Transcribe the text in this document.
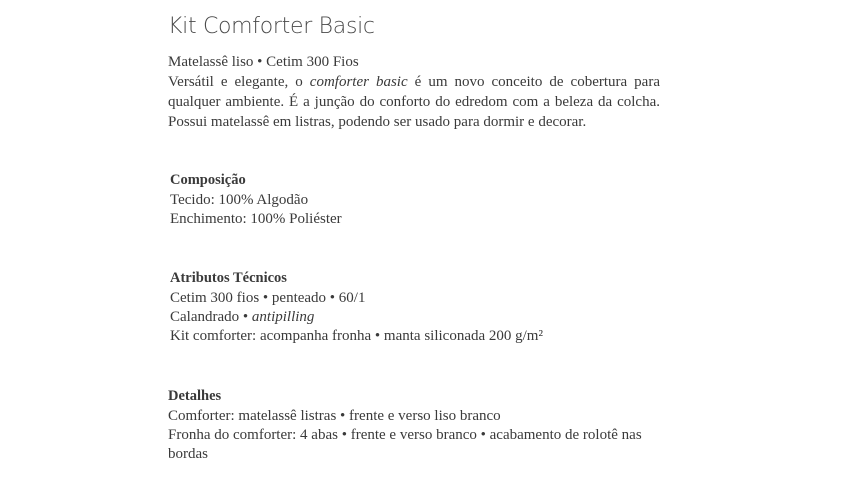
Kit Comforter Basic
Matelassê liso • Cetim 300 Fios
Versátil e elegante, o comforter basic é um novo conceito de cobertura para qualquer ambiente. É a junção do conforto do edredom com a beleza da colcha. Possui matelassê em listras, podendo ser usado para dormir e decorar.
Composição
Tecido: 100% Algodão
Enchimento: 100% Poliéster
Atributos Técnicos
Cetim 300 fios • penteado • 60/1
Calandrado • antipilling
Kit comforter: acompanha fronha • manta siliconada 200 g/m²
Detalhes
Comforter: matelassê listras • frente e verso liso branco
Fronha do comforter: 4 abas • frente e verso branco • acabamento de rolotê nas bordas
